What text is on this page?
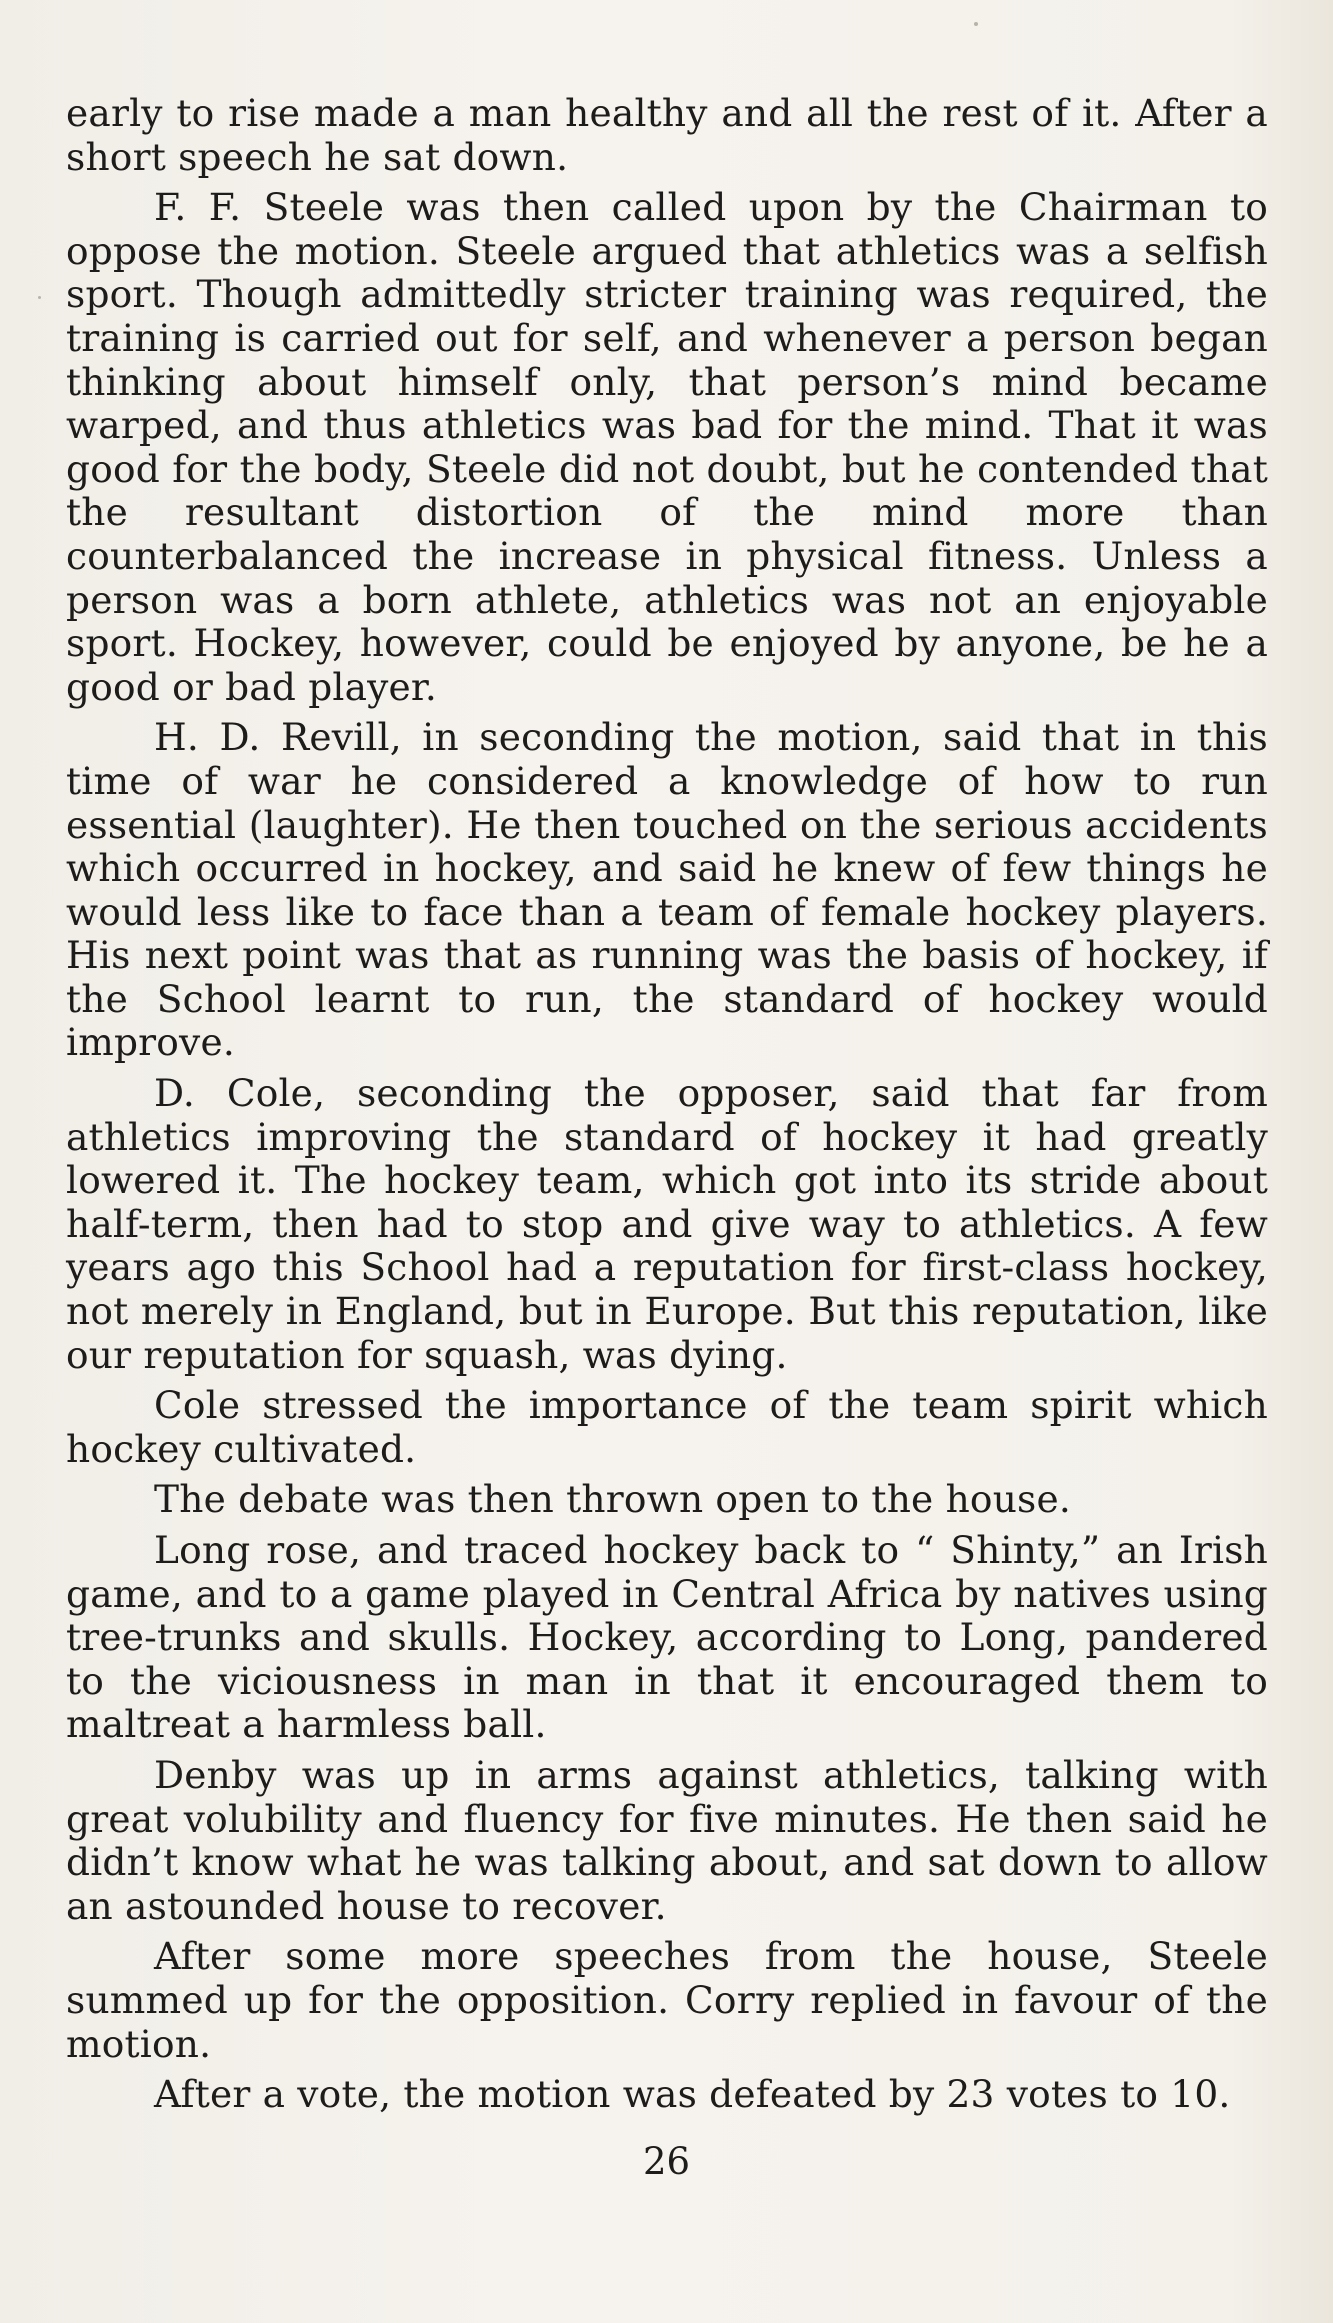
early to rise made a man healthy and all the rest of it. After a short speech he sat down.

F. F. Steele was then called upon by the Chairman to oppose the motion. Steele argued that athletics was a selfish sport. Though admittedly stricter training was required, the training is carried out for self, and whenever a person began thinking about himself only, that person’s mind became warped, and thus athletics was bad for the mind. That it was good for the body, Steele did not doubt, but he contended that the resultant distortion of the mind more than counterbalanced the increase in physical fitness. Unless a person was a born athlete, athletics was not an enjoyable sport. Hockey, however, could be enjoyed by anyone, be he a good or bad player.

H. D. Revill, in seconding the motion, said that in this time of war he considered a knowledge of how to run essential (laughter). He then touched on the serious accidents which occurred in hockey, and said he knew of few things he would less like to face than a team of female hockey players. His next point was that as running was the basis of hockey, if the School learnt to run, the standard of hockey would improve.

D. Cole, seconding the opposer, said that far from athletics improving the standard of hockey it had greatly lowered it. The hockey team, which got into its stride about half-term, then had to stop and give way to athletics. A few years ago this School had a reputation for first-class hockey, not merely in England, but in Europe. But this reputation, like our reputation for squash, was dying.

Cole stressed the importance of the team spirit which hockey cultivated.

The debate was then thrown open to the house.

Long rose, and traced hockey back to “ Shinty,” an Irish game, and to a game played in Central Africa by natives using tree-trunks and skulls. Hockey, according to Long, pandered to the viciousness in man in that it encouraged them to maltreat a harmless ball.

Denby was up in arms against athletics, talking with great volubility and fluency for five minutes. He then said he didn’t know what he was talking about, and sat down to allow an astounded house to recover.

After some more speeches from the house, Steele summed up for the opposition. Corry replied in favour of the motion.

After a vote, the motion was defeated by 23 votes to 10.

26
